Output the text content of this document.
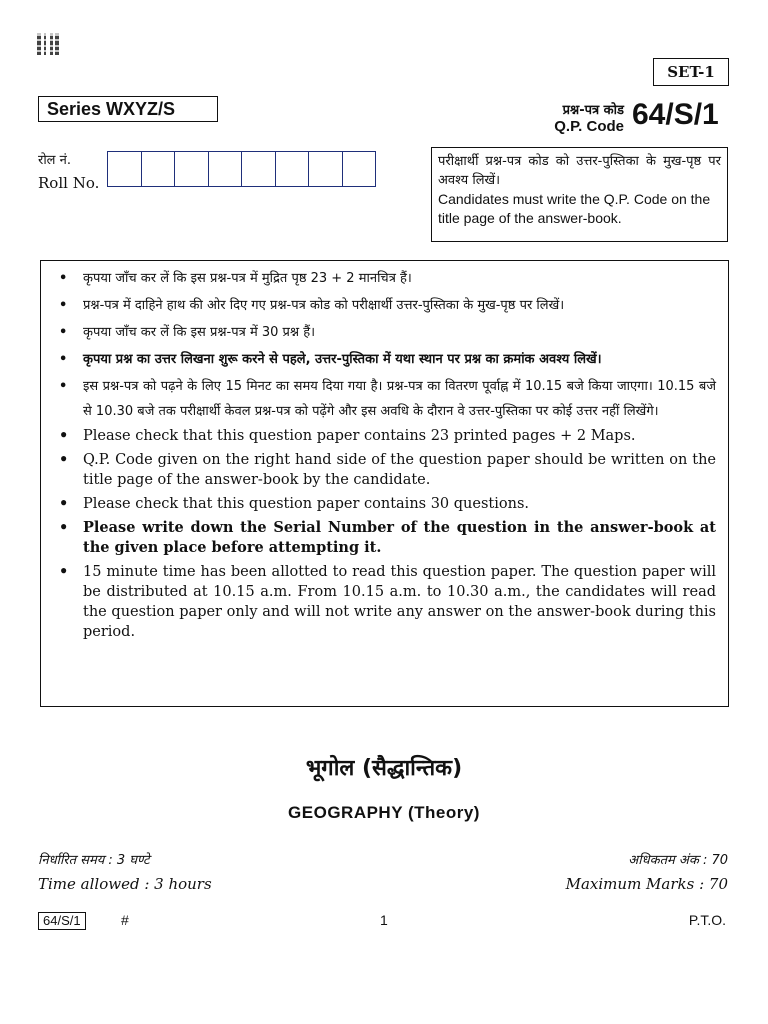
SET-1
Series WXYZ/S	प्रश्न-पत्र कोड
Q.P. Code 64/S/1
रोल नं.
Roll No.
परीक्षार्थी प्रश्न-पत्र कोड को उत्तर-पुस्तिका के मुख-पृष्ठ पर अवश्य लिखें।
Candidates must write the Q.P. Code on the title page of the answer-book.
• कृपया जाँच कर लें कि इस प्रश्न-पत्र में मुद्रित पृष्ठ 23 + 2 मानचित्र हैं।
• प्रश्न-पत्र में दाहिने हाथ की ओर दिए गए प्रश्न-पत्र कोड को परीक्षार्थी उत्तर-पुस्तिका के मुख-पृष्ठ पर लिखें।
• कृपया जाँच कर लें कि इस प्रश्न-पत्र में 30 प्रश्न हैं।
• कृपया प्रश्न का उत्तर लिखना शुरू करने से पहले, उत्तर-पुस्तिका में यथा स्थान पर प्रश्न का क्रमांक अवश्य लिखें।
• इस प्रश्न-पत्र को पढ़ने के लिए 15 मिनट का समय दिया गया है। प्रश्न-पत्र का वितरण पूर्वाह्न में 10.15 बजे किया जाएगा। 10.15 बजे से 10.30 बजे तक परीक्षार्थी केवल प्रश्न-पत्र को पढ़ेंगे और इस अवधि के दौरान वे उत्तर-पुस्तिका पर कोई उत्तर नहीं लिखेंगे।
• Please check that this question paper contains 23 printed pages + 2 Maps.
• Q.P. Code given on the right hand side of the question paper should be written on the title page of the answer-book by the candidate.
• Please check that this question paper contains 30 questions.
• Please write down the Serial Number of the question in the answer-book at the given place before attempting it.
• 15 minute time has been allotted to read this question paper. The question paper will be distributed at 10.15 a.m. From 10.15 a.m. to 10.30 a.m., the candidates will read the question paper only and will not write any answer on the answer-book during this period.
भूगोल (सैद्धान्तिक)
GEOGRAPHY (Theory)
निर्धारित समय : 3 घण्टे
Time allowed : 3 hours
अधिकतम अंक : 70
Maximum Marks : 70
64/S/1	#	1	P.T.O.
